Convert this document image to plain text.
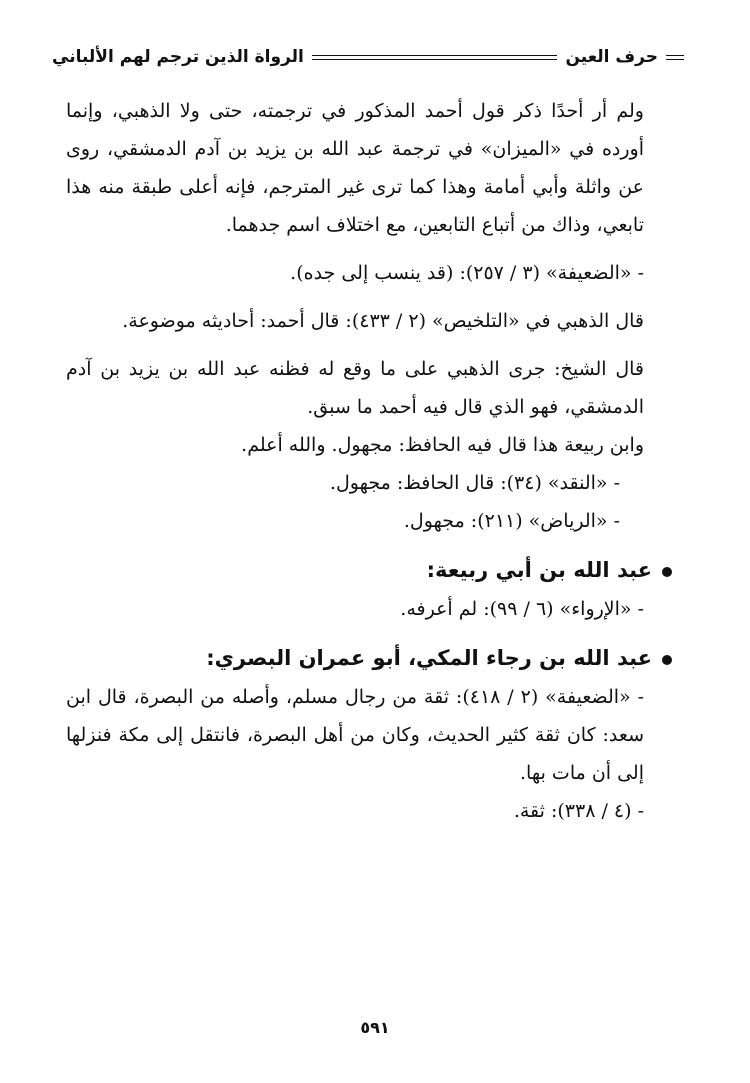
حرف العين
الرواة الذين ترجم لهم الألباني

ولم أر أحدًا ذكر قول أحمد المذكور في ترجمته، حتى ولا الذهبي، وإنما أورده في «الميزان» في ترجمة عبد الله بن يزيد بن آدم الدمشقي، روى عن واثلة وأبي أمامة وهذا كما ترى غير المترجم، فإنه أعلى طبقة منه هذا تابعي، وذاك من أتباع التابعين، مع اختلاف اسم جدهما.

- «الضعيفة» (٣ / ٢٥٧): (قد ينسب إلى جده).

قال الذهبي في «التلخيص» (٢ / ٤٣٣): قال أحمد: أحاديثه موضوعة.

قال الشيخ: جرى الذهبي على ما وقع له فظنه عبد الله بن يزيد بن آدم الدمشقي، فهو الذي قال فيه أحمد ما سبق.

وابن ربيعة هذا قال فيه الحافظ: مجهول. والله أعلم.

- «النقد» (٣٤): قال الحافظ: مجهول.

- «الرياض» (٢١١): مجهول.

عبد الله بن أبي ربيعة:

- «الإرواء» (٦ / ٩٩): لم أعرفه.

عبد الله بن رجاء المكي، أبو عمران البصري:

- «الضعيفة» (٢ / ٤١٨): ثقة من رجال مسلم، وأصله من البصرة، قال ابن سعد: كان ثقة كثير الحديث، وكان من أهل البصرة، فانتقل إلى مكة فنزلها إلى أن مات بها.

- (٤ / ٣٣٨): ثقة.

٥٩١
